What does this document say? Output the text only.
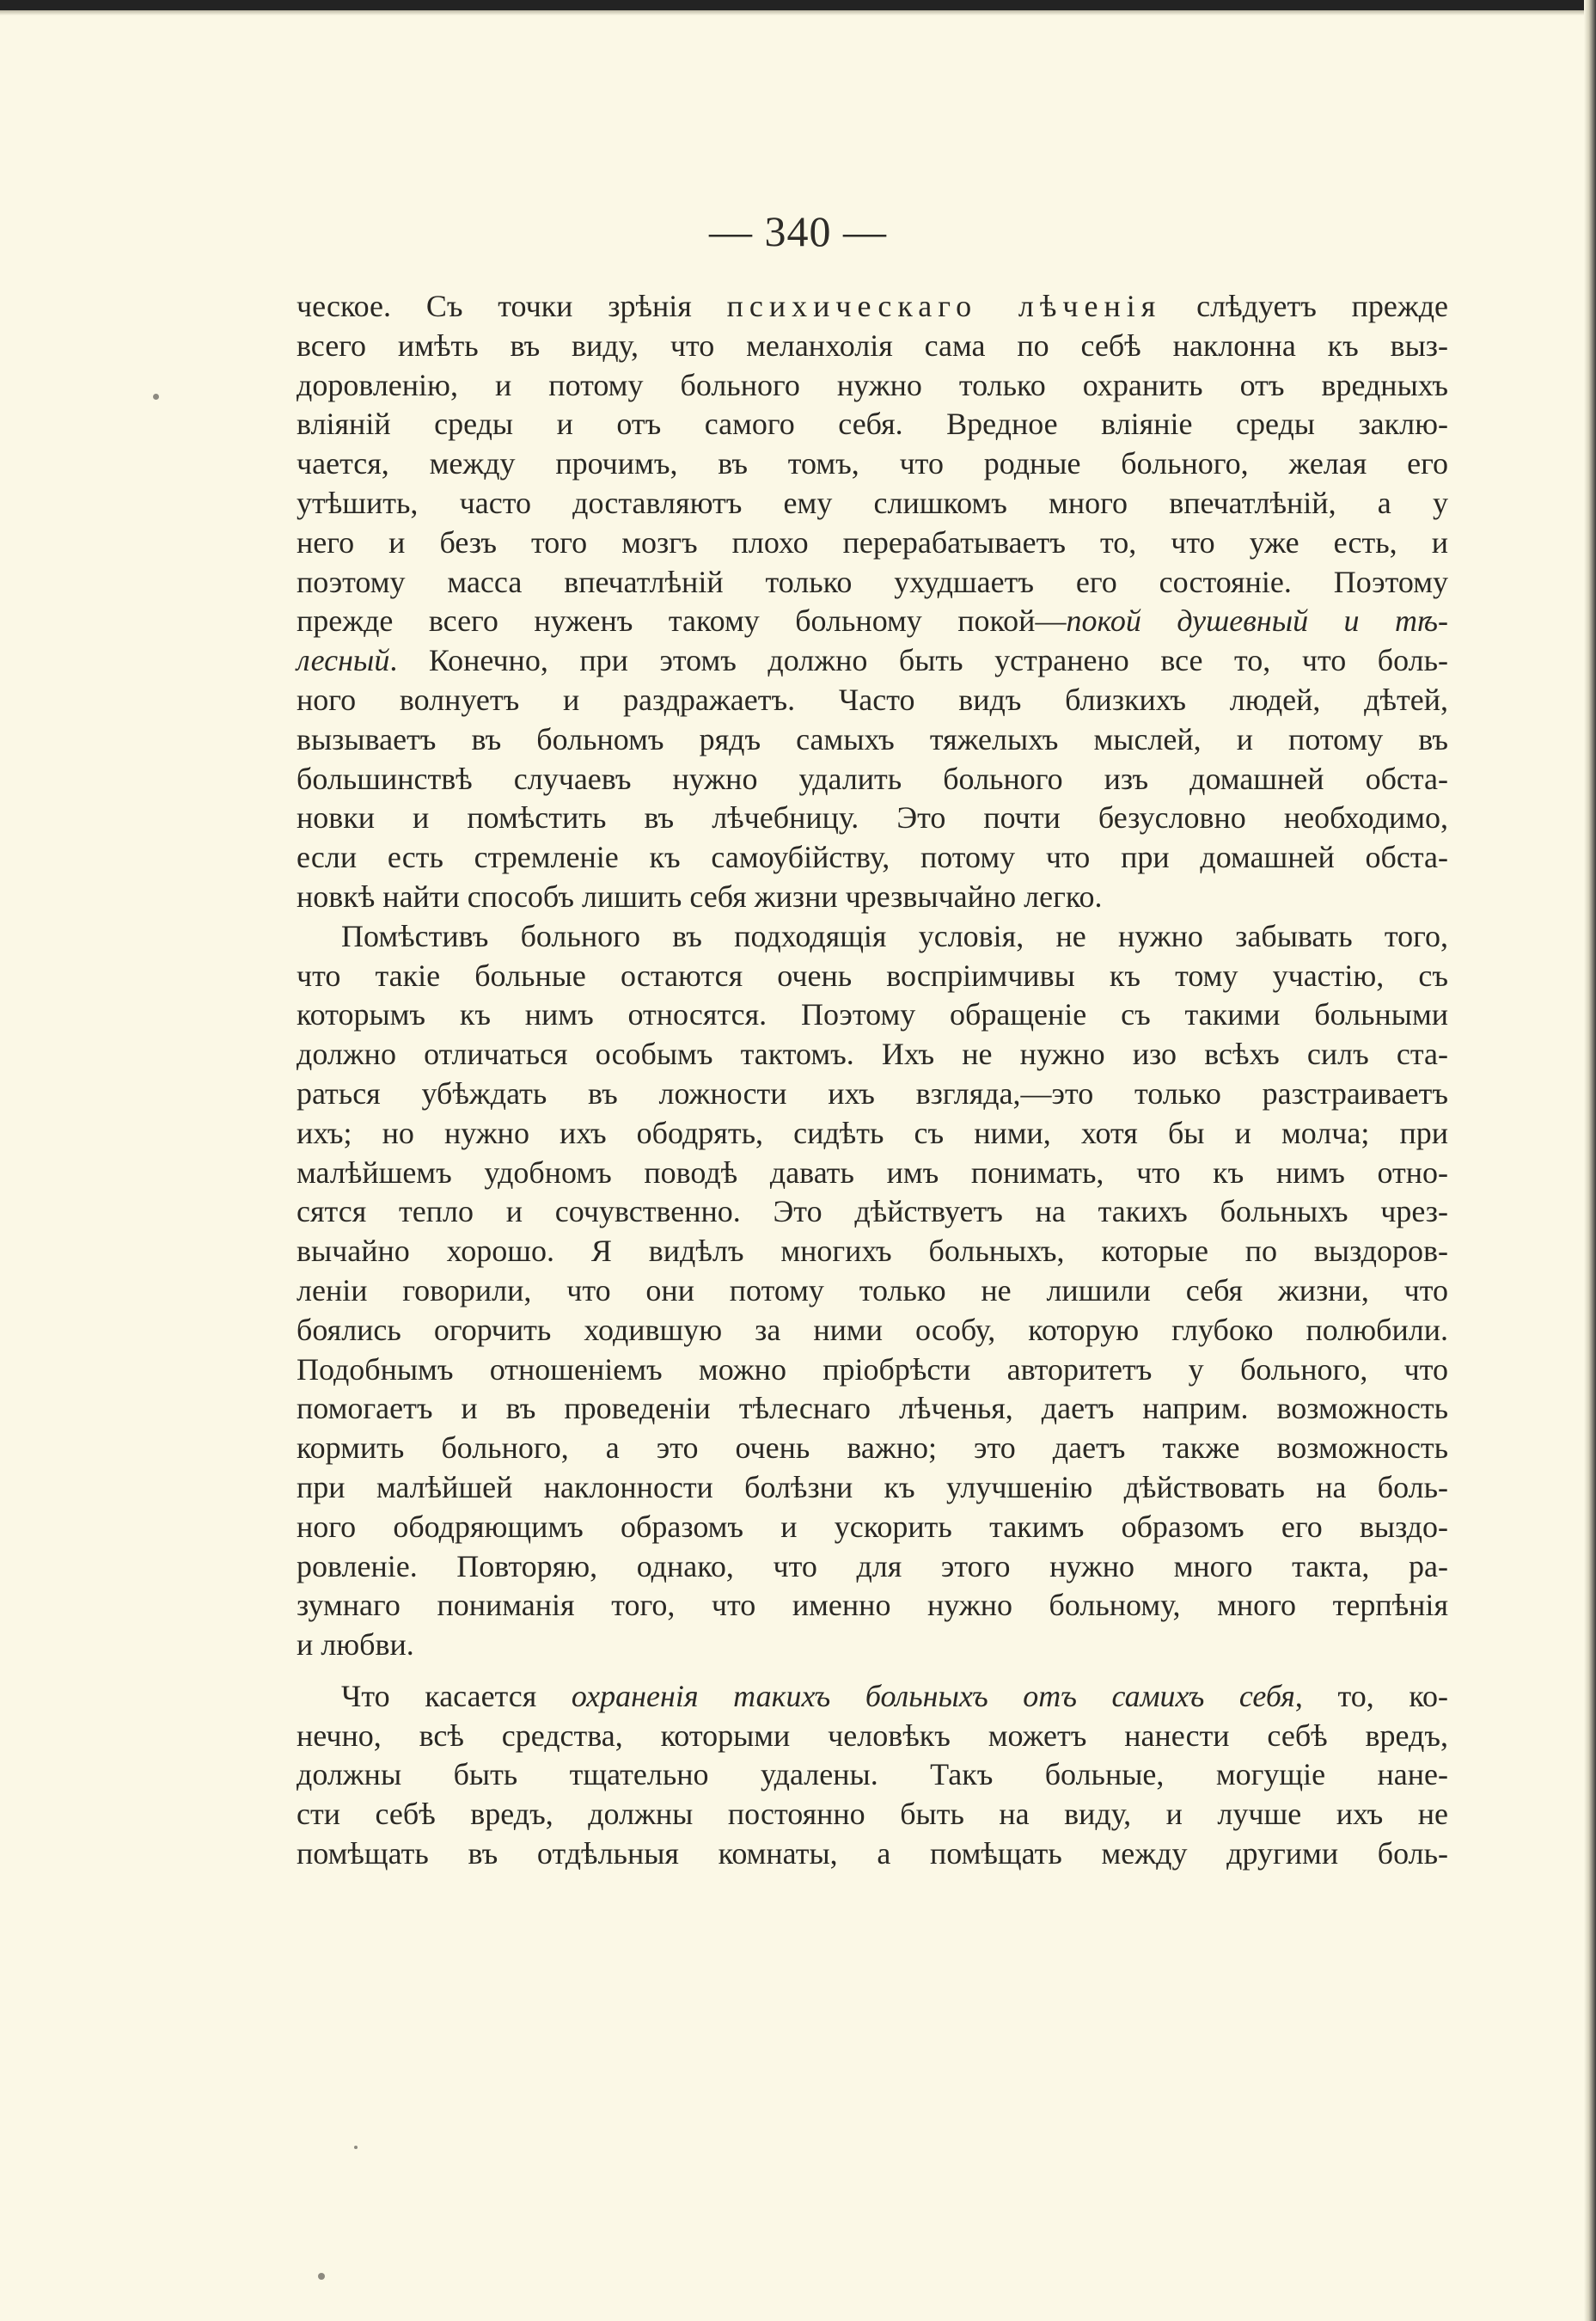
— 340 —
ческое. Съ точки зрѣнія психическаго лѣченія слѣдуетъ прежде
всего имѣть въ виду, что меланхолія сама по себѣ наклонна къ выз-
доровленію, и потому больного нужно только охранить отъ вредныхъ
вліяній среды и отъ самого себя. Вредное вліяніе среды заклю-
чается, между прочимъ, въ томъ, что родные больного, желая его
утѣшить, часто доставляютъ ему слишкомъ много впечатлѣній, а у
него и безъ того мозгъ плохо перерабатываетъ то, что уже есть, и
поэтому масса впечатлѣній только ухудшаетъ его состояніе. Поэтому
прежде всего нуженъ такому больному покой—покой душевный и тѣ-
лесный. Конечно, при этомъ должно быть устранено все то, что боль-
ного волнуетъ и раздражаетъ. Часто видъ близкихъ людей, дѣтей,
вызываетъ въ больномъ рядъ самыхъ тяжелыхъ мыслей, и потому въ
большинствѣ случаевъ нужно удалить больного изъ домашней обста-
новки и помѣстить въ лѣчебницу. Это почти безусловно необходимо,
если есть стремленіе къ самоубійству, потому что при домашней обста-
новкѣ найти способъ лишить себя жизни чрезвычайно легко.
Помѣстивъ больного въ подходящія условія, не нужно забывать того,
что такіе больные остаются очень воспріимчивы къ тому участію, съ
которымъ къ нимъ относятся. Поэтому обращеніе съ такими больными
должно отличаться особымъ тактомъ. Ихъ не нужно изо всѣхъ силъ ста-
раться убѣждать въ ложности ихъ взгляда,—это только разстраиваетъ
ихъ; но нужно ихъ ободрять, сидѣть съ ними, хотя бы и молча; при
малѣйшемъ удобномъ поводѣ давать имъ понимать, что къ нимъ отно-
сятся тепло и сочувственно. Это дѣйствуетъ на такихъ больныхъ чрез-
вычайно хорошо. Я видѣлъ многихъ больныхъ, которые по выздоров-
леніи говорили, что они потому только не лишили себя жизни, что
боялись огорчить ходившую за ними особу, которую глубоко полюбили.
Подобнымъ отношеніемъ можно пріобрѣсти авторитетъ у больного, что
помогаетъ и въ проведеніи тѣлеснаго лѣченья, даетъ наприм. возможность
кормить больного, а это очень важно; это даетъ также возможность
при малѣйшей наклонности болѣзни къ улучшенію дѣйствовать на боль-
ного ободряющимъ образомъ и ускорить такимъ образомъ его выздо-
ровленіе. Повторяю, однако, что для этого нужно много такта, ра-
зумнаго пониманія того, что именно нужно больному, много терпѣнія
и любви.
Что касается охраненія такихъ больныхъ отъ самихъ себя, то, ко-
нечно, всѣ средства, которыми человѣкъ можетъ нанести себѣ вредъ,
должны быть тщательно удалены. Такъ больные, могущіе нане-
сти себѣ вредъ, должны постоянно быть на виду, и лучше ихъ не
помѣщать въ отдѣльныя комнаты, а помѣщать между другими боль-
